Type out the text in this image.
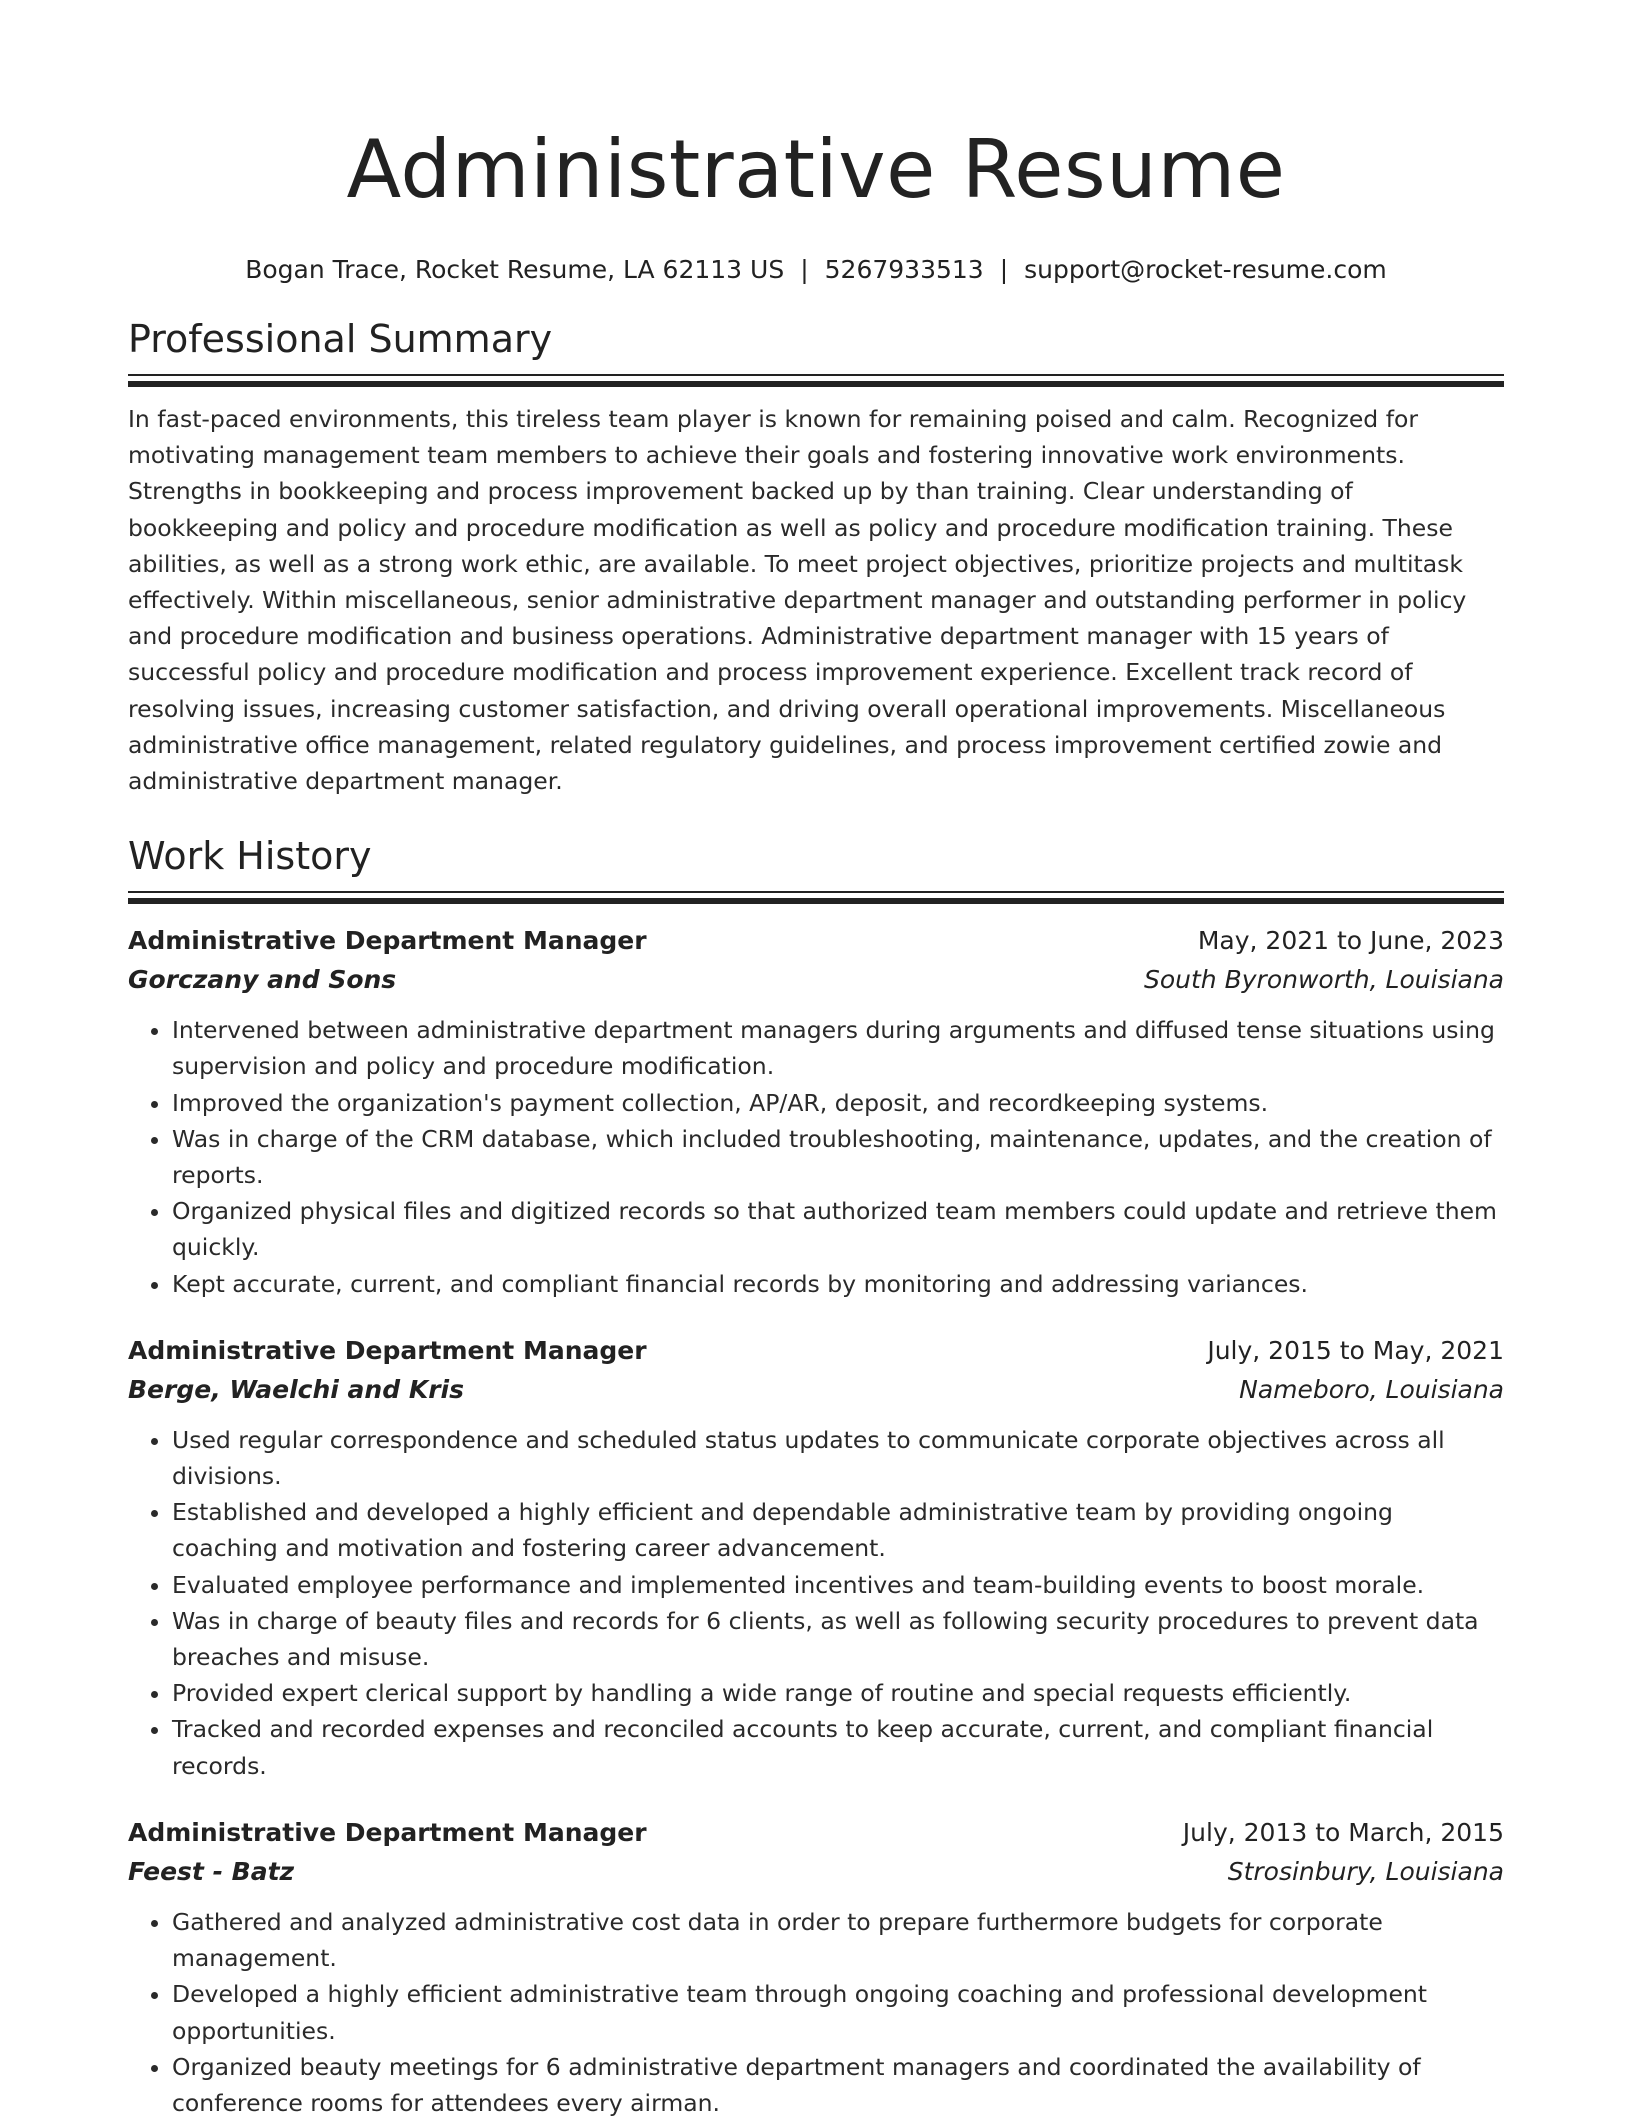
Administrative Resume
Bogan Trace, Rocket Resume, LA 62113 US | 5267933513 | support@rocket-resume.com
Professional Summary

In fast-paced environments, this tireless team player is known for remaining poised and calm. Recognized for motivating management team members to achieve their goals and fostering innovative work environments. Strengths in bookkeeping and process improvement backed up by than training. Clear understanding of bookkeeping and policy and procedure modification as well as policy and procedure modification training. These abilities, as well as a strong work ethic, are available. To meet project objectives, prioritize projects and multitask effectively. Within miscellaneous, senior administrative department manager and outstanding performer in policy and procedure modification and business operations. Administrative department manager with 15 years of successful policy and procedure modification and process improvement experience. Excellent track record of resolving issues, increasing customer satisfaction, and driving overall operational improvements. Miscellaneous administrative office management, related regulatory guidelines, and process improvement certified zowie and administrative department manager.

Work History
Administrative Department Manager	May, 2021 to June, 2023
Gorczany and Sons	South Byronworth, Louisiana
• Intervened between administrative department managers during arguments and diffused tense situations using supervision and policy and procedure modification.
• Improved the organization's payment collection, AP/AR, deposit, and recordkeeping systems.
• Was in charge of the CRM database, which included troubleshooting, maintenance, updates, and the creation of reports.
• Organized physical files and digitized records so that authorized team members could update and retrieve them quickly.
• Kept accurate, current, and compliant financial records by monitoring and addressing variances.
Administrative Department Manager	July, 2015 to May, 2021
Berge, Waelchi and Kris	Nameboro, Louisiana
• Used regular correspondence and scheduled status updates to communicate corporate objectives across all divisions.
• Established and developed a highly efficient and dependable administrative team by providing ongoing coaching and motivation and fostering career advancement.
• Evaluated employee performance and implemented incentives and team-building events to boost morale.
• Was in charge of beauty files and records for 6 clients, as well as following security procedures to prevent data breaches and misuse.
• Provided expert clerical support by handling a wide range of routine and special requests efficiently.
• Tracked and recorded expenses and reconciled accounts to keep accurate, current, and compliant financial records.
Administrative Department Manager	July, 2013 to March, 2015
Feest - Batz	Strosinbury, Louisiana
• Gathered and analyzed administrative cost data in order to prepare furthermore budgets for corporate management.
• Developed a highly efficient administrative team through ongoing coaching and professional development opportunities.
• Organized beauty meetings for 6 administrative department managers and coordinated the availability of conference rooms for attendees every airman.
